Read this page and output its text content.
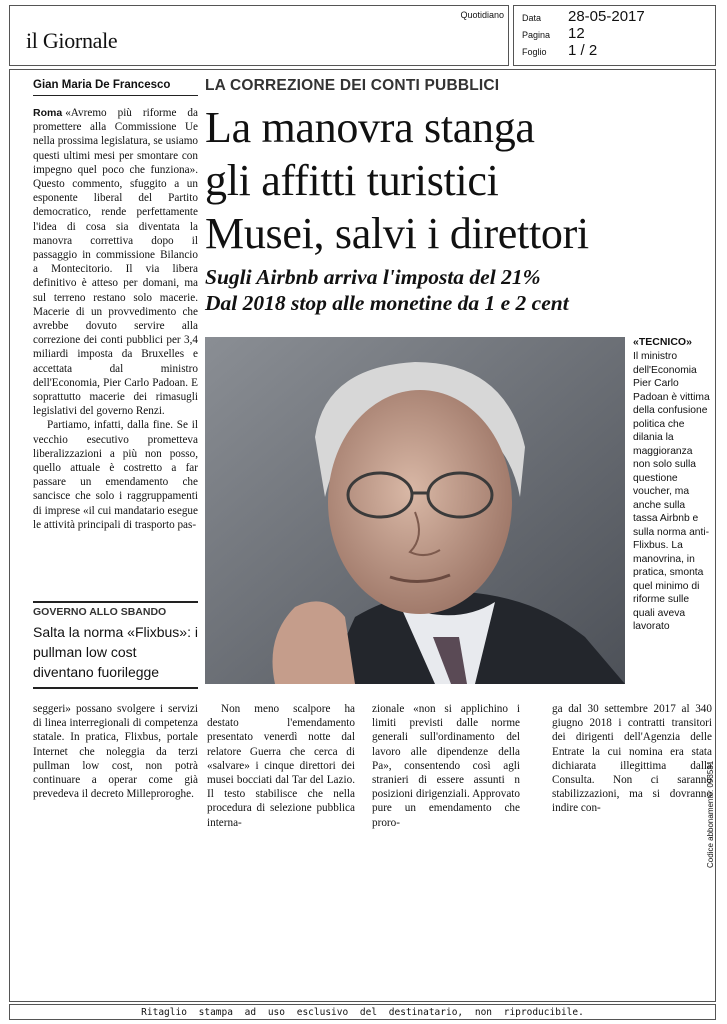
il Giornale
Quotidiano Data 28-05-2017
Pagina 12
Foglio 1 / 2
Gian Maria De Francesco

Roma «Avremo più riforme da promettere alla Commissione Ue nella prossima legislatura, se usiamo questi ultimi mesi per smontare con impegno quel poco che funziona». Questo commento, sfuggito a un esponente liberal del Partito democratico, rende perfettamente l'idea di cosa sia diventata la manovra correttiva dopo il passaggio in commissione Bilancio a Montecitorio. Il via libera definitivo è atteso per domani, ma sul terreno restano solo macerie. Macerie di un provvedimento che avrebbe dovuto servire alla correzione dei conti pubblici per 3,4 miliardi imposta da Bruxelles e accettata dal ministro dell'Economia, Pier Carlo Padoan. E soprattutto macerie dei rimasugli legislativi del governo Renzi.

Partiamo, infatti, dalla fine. Se il vecchio esecutivo prometteva liberalizzazioni a più non posso, quello attuale è costretto a far passare un emendamento che sancisce che solo i raggruppamenti di imprese «il cui mandatario esegue le attività principali di trasporto pas-

GOVERNO ALLO SBANDO
Salta la norma «Flixbus»: i pullman low cost diventano fuorilegge
seggeri» possano svolgere i servizi di linea interregionali di competenza statale. In pratica, Flixbus, portale Internet che noleggia da terzi pullman low cost, non potrà continuare a operar come già prevedeva il decreto Milleproroghe.
LA CORREZIONE DEI CONTI PUBBLICI
La manovra stanga
gli affitti turistici
Musei, salvi i direttori
Sugli Airbnb arriva l'imposta del 21%
Dal 2018 stop alle monetine da 1 e 2 cent
«TECNICO»
Il ministro dell'Economia Pier Carlo Padoan è vittima della confusione politica che dilania la maggioranza non solo sulla questione voucher, ma anche sulla tassa Airbnb e sulla norma anti-Flixbus. La manovrina, in pratica, smonta quel minimo di riforme sulle quali aveva lavorato
Non meno scalpore ha destato l'emendamento presentato venerdì notte dal relatore Guerra che cerca di «salvare» i cinque direttori dei musei bocciati dal Tar del Lazio. Il testo stabilisce che nella procedura di selezione pubblica interna-
zionale «non si applichino i limiti previsti dalle norme generali sull'ordinamento del lavoro alle dipendenze della Pa», consentendo così agli stranieri di essere assunti n posizioni dirigenziali. Approvato pure un emendamento che proro-
ga dal 30 settembre 2017 al 340 giugno 2018 i contratti transitori dei dirigenti dell'Agenzia delle Entrate la cui nomina era stata dichiarata illegittima dalla Consulta. Non ci saranno stabilizzazioni, ma si dovranno indire con-	Codice abbonamento: 093531
Ritaglio stampa ad uso esclusivo del destinatario, non riproducibile.
